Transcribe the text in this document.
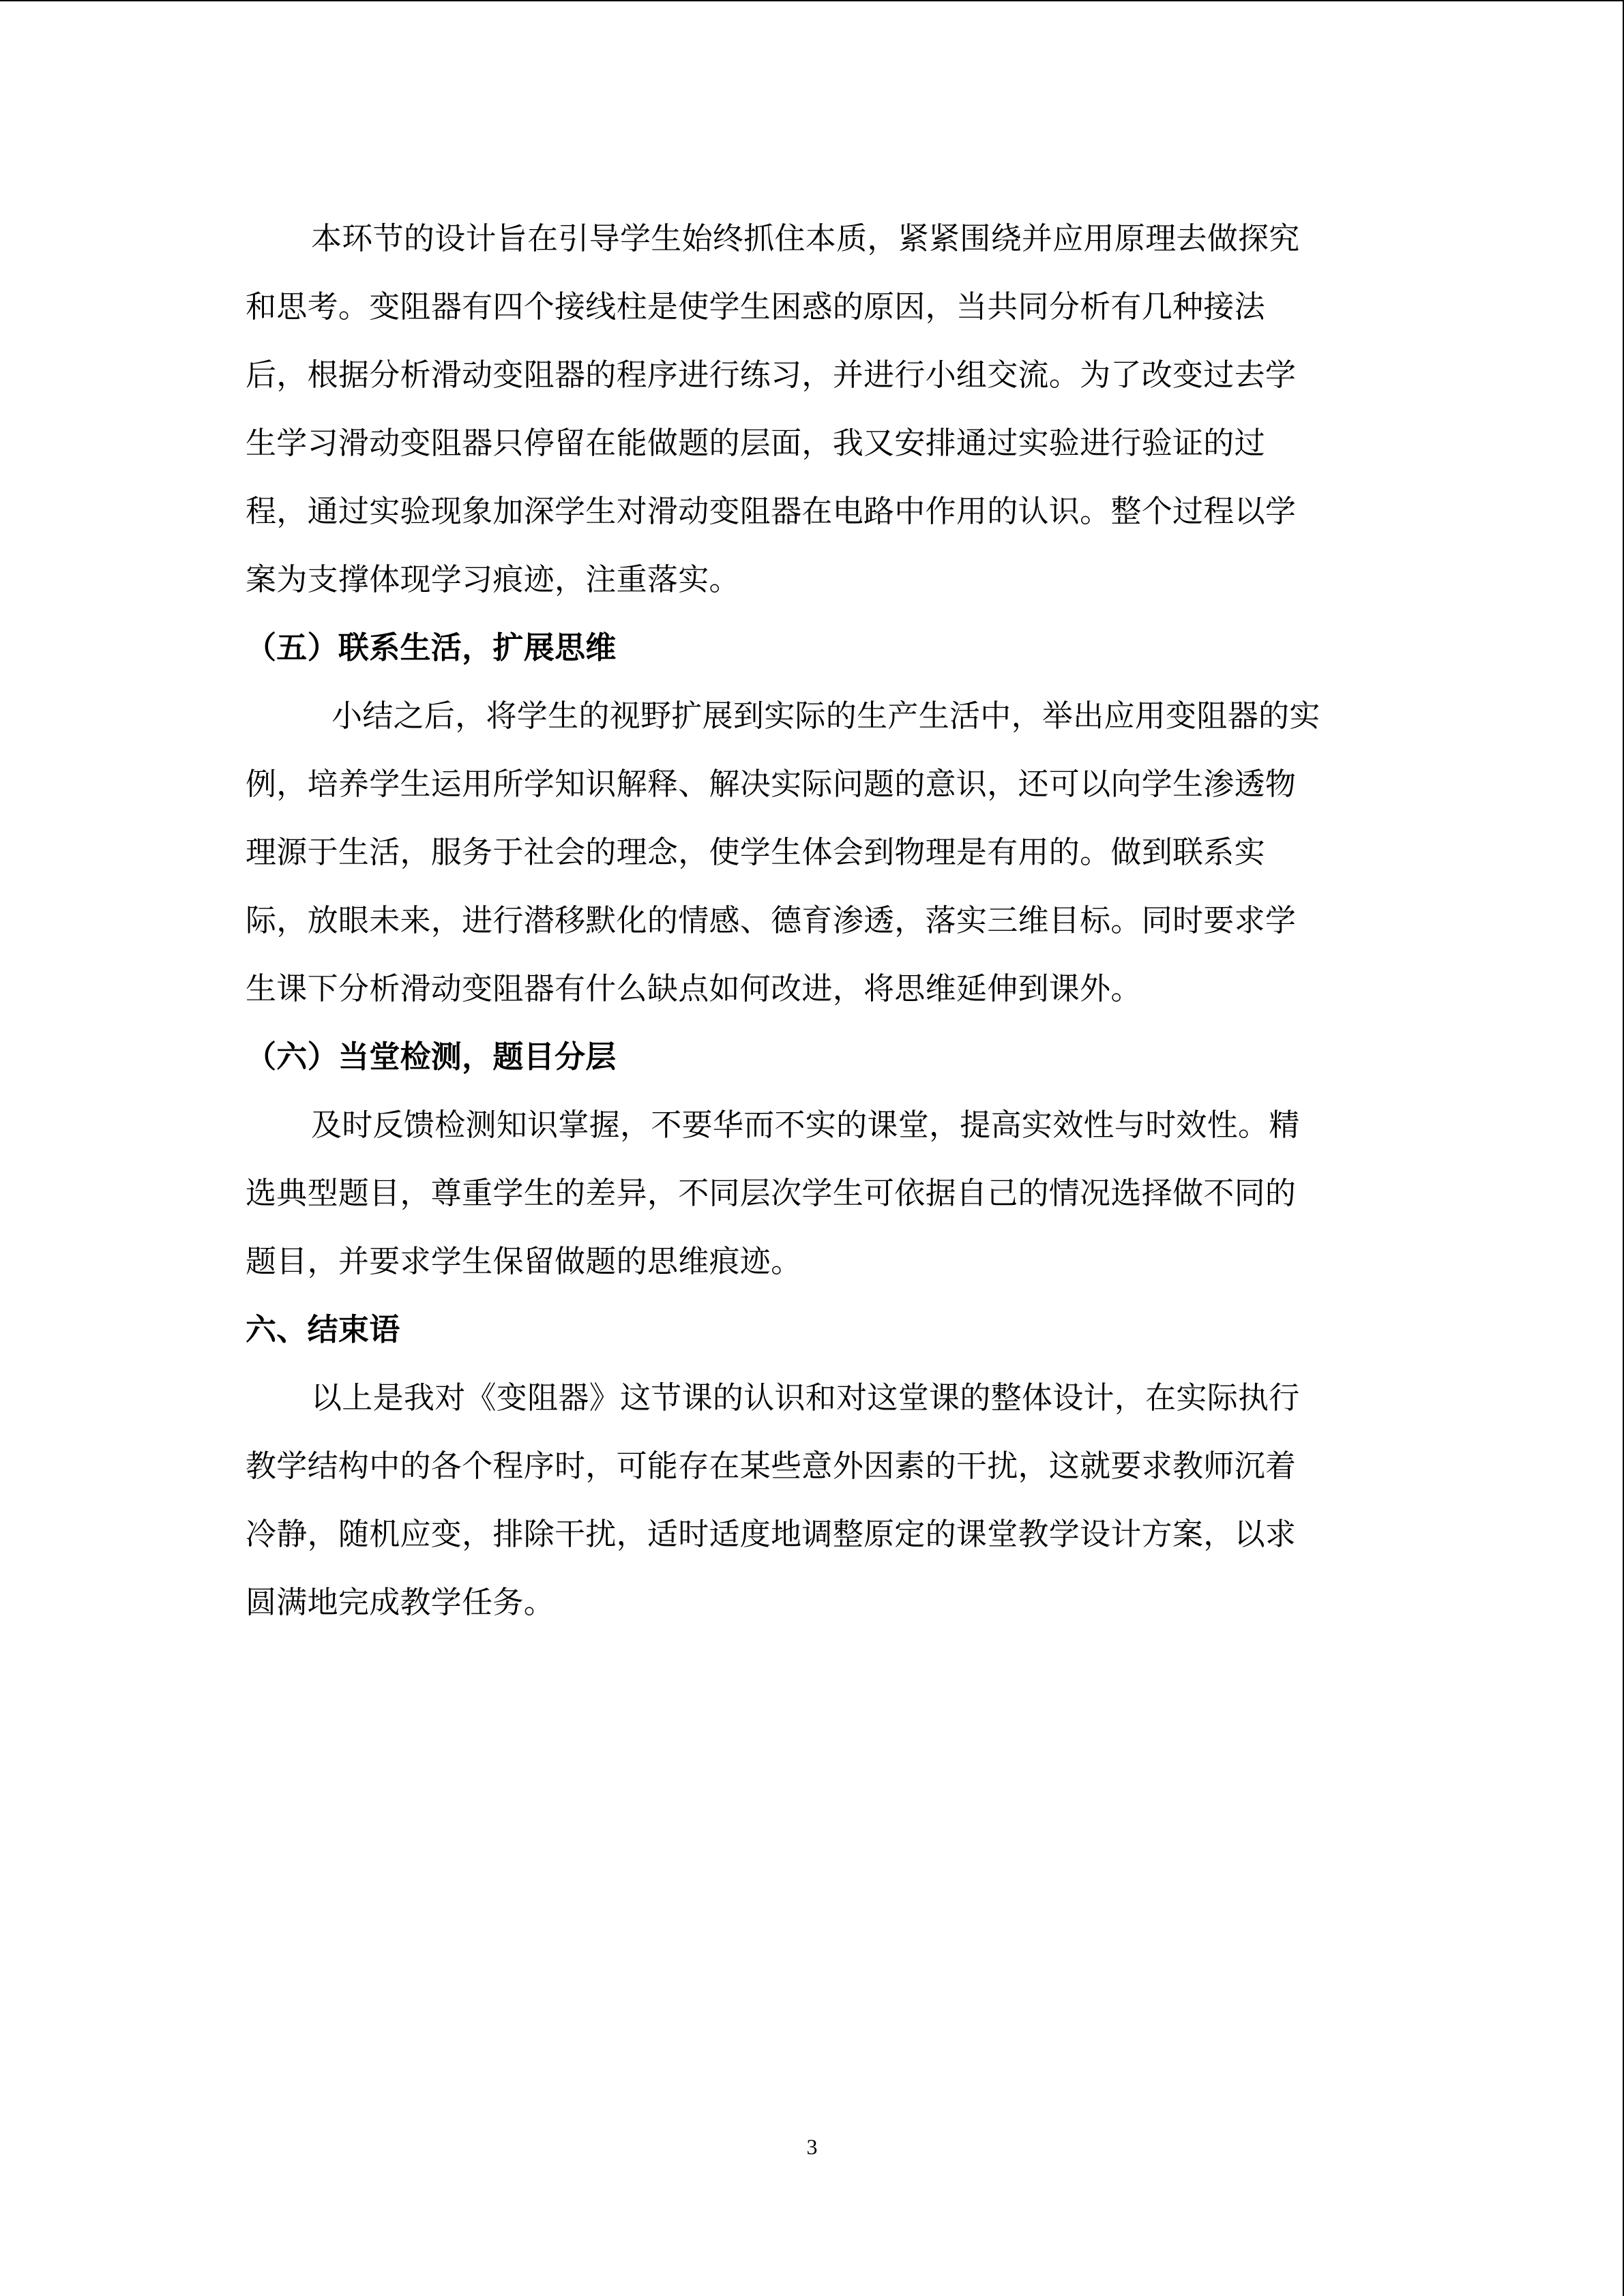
本环节的设计旨在引导学生始终抓住本质，紧紧围绕并应用原理去做探究
和思考。变阻器有四个接线柱是使学生困惑的原因，当共同分析有几种接法
后，根据分析滑动变阻器的程序进行练习，并进行小组交流。为了改变过去学
生学习滑动变阻器只停留在能做题的层面，我又安排通过实验进行验证的过
程，通过实验现象加深学生对滑动变阻器在电路中作用的认识。整个过程以学
案为支撑体现学习痕迹，注重落实。
（五）联系生活，扩展思维
小结之后，将学生的视野扩展到实际的生产生活中，举出应用变阻器的实
例，培养学生运用所学知识解释、解决实际问题的意识，还可以向学生渗透物
理源于生活，服务于社会的理念，使学生体会到物理是有用的。做到联系实
际，放眼未来，进行潜移默化的情感、德育渗透，落实三维目标。同时要求学
生课下分析滑动变阻器有什么缺点如何改进，将思维延伸到课外。
（六）当堂检测，题目分层
及时反馈检测知识掌握，不要华而不实的课堂，提高实效性与时效性。精
选典型题目，尊重学生的差异，不同层次学生可依据自己的情况选择做不同的
题目，并要求学生保留做题的思维痕迹。
六、结束语
以上是我对《变阻器》这节课的认识和对这堂课的整体设计，在实际执行
教学结构中的各个程序时，可能存在某些意外因素的干扰，这就要求教师沉着
冷静，随机应变，排除干扰，适时适度地调整原定的课堂教学设计方案，以求
圆满地完成教学任务。
3
